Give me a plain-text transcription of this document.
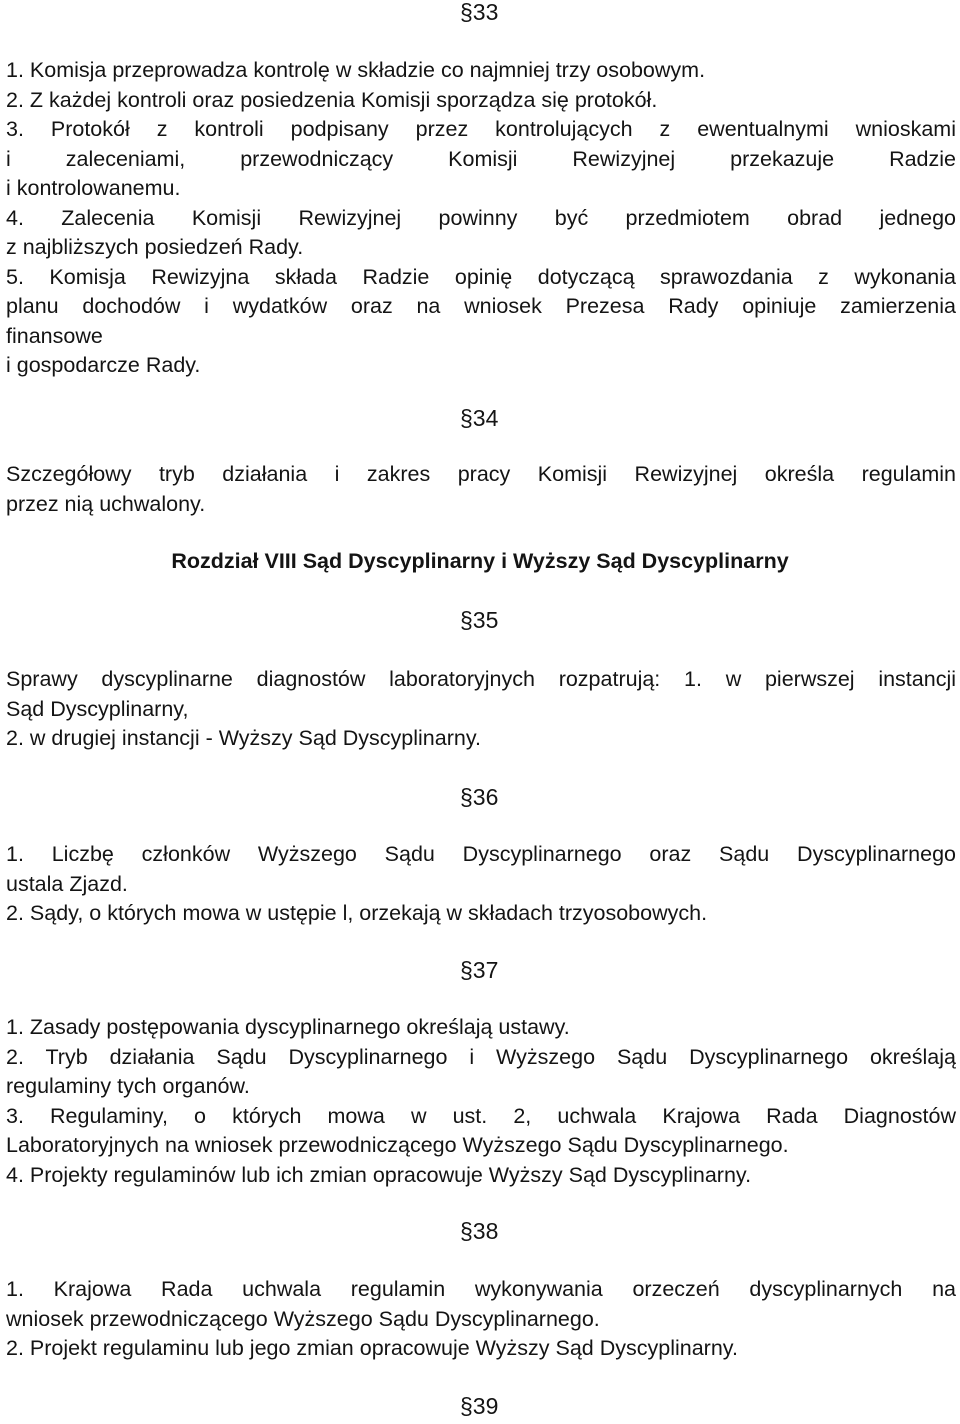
§33
1. Komisja przeprowadza kontrolę w składzie co najmniej trzy osobowym.
2. Z każdej kontroli oraz posiedzenia Komisji sporządza się protokół.
3. Protokół z kontroli podpisany przez kontrolujących z ewentualnymi wnioskami
i zaleceniami, przewodniczący Komisji Rewizyjnej przekazuje Radzie
i kontrolowanemu.
4. Zalecenia Komisji Rewizyjnej powinny być przedmiotem obrad jednego
z najbliższych posiedzeń Rady.
5. Komisja Rewizyjna składa Radzie opinię dotyczącą sprawozdania z wykonania
planu dochodów i wydatków oraz na wniosek Prezesa Rady opiniuje zamierzenia
finansowe
i gospodarcze Rady.
§34
Szczegółowy tryb działania i zakres pracy Komisji Rewizyjnej określa regulamin
przez nią uchwalony.
Rozdział VIII Sąd Dyscyplinarny i Wyższy Sąd Dyscyplinarny
§35
Sprawy dyscyplinarne diagnostów laboratoryjnych rozpatrują: 1. w pierwszej instancji
Sąd Dyscyplinarny,
2. w drugiej instancji - Wyższy Sąd Dyscyplinarny.
§36
1. Liczbę członków Wyższego Sądu Dyscyplinarnego oraz Sądu Dyscyplinarnego
ustala Zjazd.
2. Sądy, o których mowa w ustępie l, orzekają w składach trzyosobowych.
§37
1. Zasady postępowania dyscyplinarnego określają ustawy.
2. Tryb działania Sądu Dyscyplinarnego i Wyższego Sądu Dyscyplinarnego określają
regulaminy tych organów.
3. Regulaminy, o których mowa w ust. 2, uchwala Krajowa Rada Diagnostów
Laboratoryjnych na wniosek przewodniczącego Wyższego Sądu Dyscyplinarnego.
4. Projekty regulaminów lub ich zmian opracowuje Wyższy Sąd Dyscyplinarny.
§38
1. Krajowa Rada uchwala regulamin wykonywania orzeczeń dyscyplinarnych na
wniosek przewodniczącego Wyższego Sądu Dyscyplinarnego.
2. Projekt regulaminu lub jego zmian opracowuje Wyższy Sąd Dyscyplinarny.
§39
